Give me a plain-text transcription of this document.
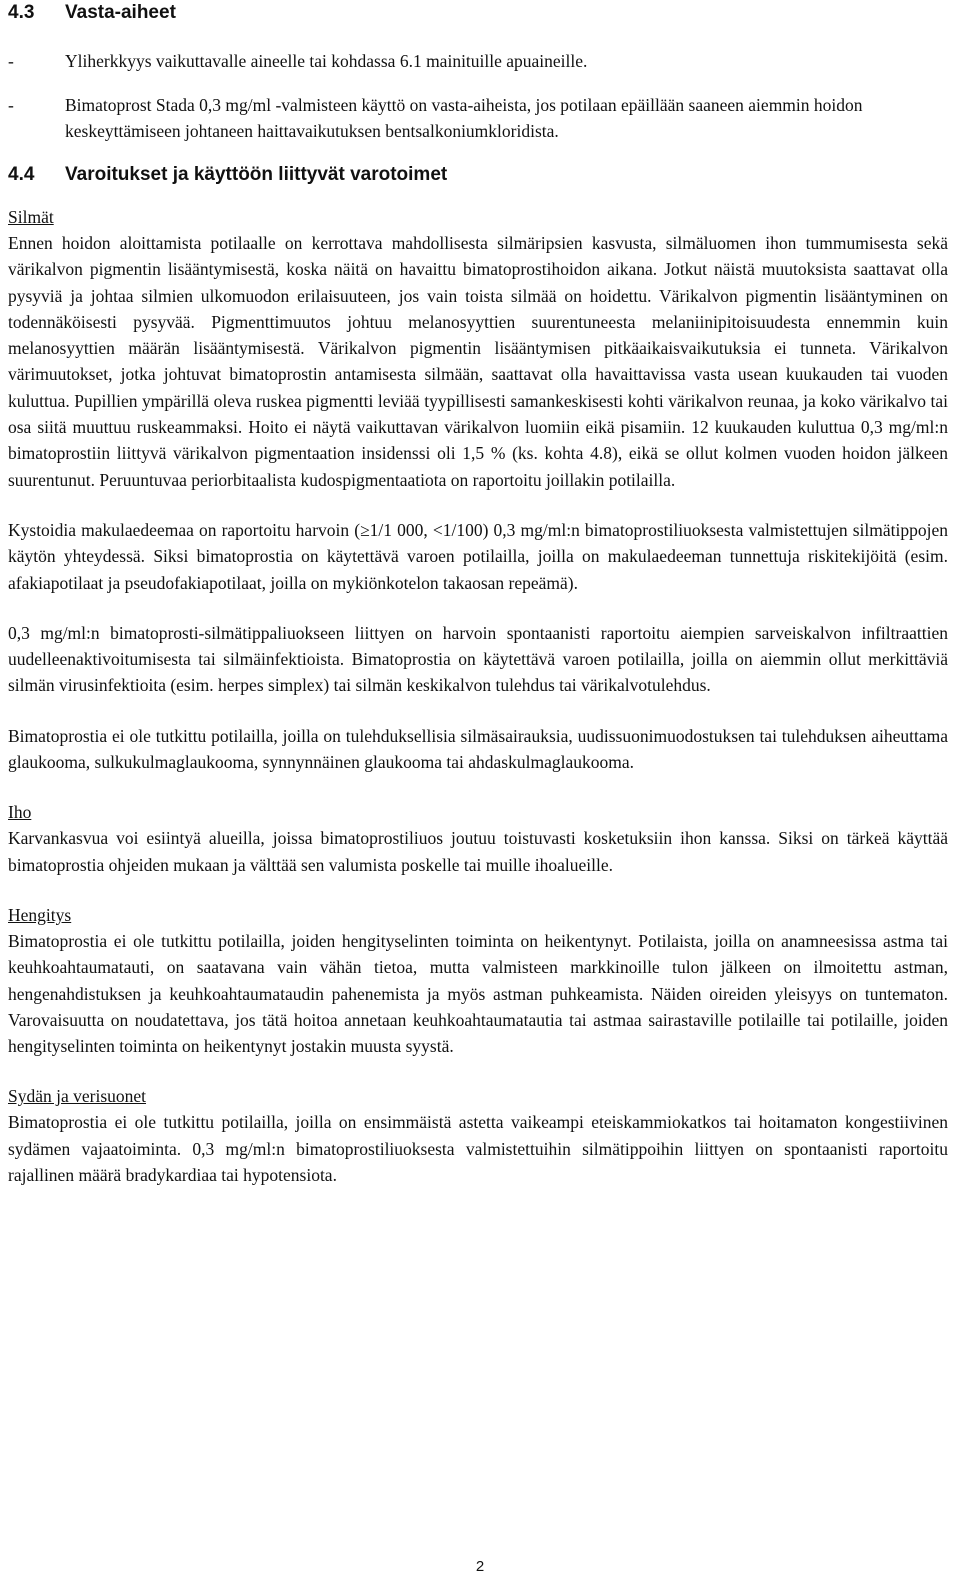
4.3 Vasta-aiheet
-	Yliherkkyys vaikuttavalle aineelle tai kohdassa 6.1 mainituille apuaineille.
-	Bimatoprost Stada 0,3 mg/ml -valmisteen käyttö on vasta-aiheista, jos potilaan epäillään saaneen aiemmin hoidon keskeyttämiseen johtaneen haittavaikutuksen bentsalkoniumkloridista.
4.4 Varoitukset ja käyttöön liittyvät varotoimet
Silmät

Ennen hoidon aloittamista potilaalle on kerrottava mahdollisesta silmäripsien kasvusta, silmäluomen ihon tummumisesta sekä värikalvon pigmentin lisääntymisestä, koska näitä on havaittu bimatoprostihoidon aikana. Jotkut näistä muutoksista saattavat olla pysyviä ja johtaa silmien ulkomuodon erilaisuuteen, jos vain toista silmää on hoidettu. Värikalvon pigmentin lisääntyminen on todennäköisesti pysyvää. Pigmenttimuutos johtuu melanosyyttien suurentuneesta melaniinipitoisuudesta ennemmin kuin melanosyyttien määrän lisääntymisestä. Värikalvon pigmentin lisääntymisen pitkäaikaisvaikutuksia ei tunneta. Värikalvon värimuutokset, jotka johtuvat bimatoprostin antamisesta silmään, saattavat olla havaittavissa vasta usean kuukauden tai vuoden kuluttua. Pupillien ympärillä oleva ruskea pigmentti leviää tyypillisesti samankeskisesti kohti värikalvon reunaa, ja koko värikalvo tai osa siitä muuttuu ruskeammaksi. Hoito ei näytä vaikuttavan värikalvon luomiin eikä pisamiin. 12 kuukauden kuluttua 0,3 mg/ml:n bimatoprostiin liittyvä värikalvon pigmentaation insidenssi oli 1,5 % (ks. kohta 4.8), eikä se ollut kolmen vuoden hoidon jälkeen suurentunut. Peruuntuvaa periorbitaalista kudospigmentaatiota on raportoitu joillakin potilailla.

Kystoidia makulaedeemaa on raportoitu harvoin (≥1/1 000, <1/100) 0,3 mg/ml:n bimatoprostiliuoksesta valmistettujen silmätippojen käytön yhteydessä. Siksi bimatoprostia on käytettävä varoen potilailla, joilla on makulaedeeman tunnettuja riskitekijöitä (esim. afakiapotilaat ja pseudofakiapotilaat, joilla on mykiönkotelon takaosan repeämä).

0,3 mg/ml:n bimatoprosti-silmätippaliuokseen liittyen on harvoin spontaanisti raportoitu aiempien sarveiskalvon infiltraattien uudelleenaktivoitumisesta tai silmäinfektioista. Bimatoprostia on käytettävä varoen potilailla, joilla on aiemmin ollut merkittäviä silmän virusinfektioita (esim. herpes simplex) tai silmän keskikalvon tulehdus tai värikalvotulehdus.

Bimatoprostia ei ole tutkittu potilailla, joilla on tulehduksellisia silmäsairauksia, uudissuonimuodostuksen tai tulehduksen aiheuttama glaukooma, sulkukulmaglaukooma, synnynnäinen glaukooma tai ahdaskulmaglaukooma.

Iho

Karvankasvua voi esiintyä alueilla, joissa bimatoprostiliuos joutuu toistuvasti kosketuksiin ihon kanssa. Siksi on tärkeä käyttää bimatoprostia ohjeiden mukaan ja välttää sen valumista poskelle tai muille ihoalueille.

Hengitys

Bimatoprostia ei ole tutkittu potilailla, joiden hengityselinten toiminta on heikentynyt. Potilaista, joilla on anamneesissa astma tai keuhkoahtaumatauti, on saatavana vain vähän tietoa, mutta valmisteen markkinoille tulon jälkeen on ilmoitettu astman, hengenahdistuksen ja keuhkoahtaumataudin pahenemista ja myös astman puhkeamista. Näiden oireiden yleisyys on tuntematon. Varovaisuutta on noudatettava, jos tätä hoitoa annetaan keuhkoahtaumatautia tai astmaa sairastaville potilaille tai potilaille, joiden hengityselinten toiminta on heikentynyt jostakin muusta syystä.

Sydän ja verisuonet

Bimatoprostia ei ole tutkittu potilailla, joilla on ensimmäistä astetta vaikeampi eteiskammiokatkos tai hoitamaton kongestiivinen sydämen vajaatoiminta. 0,3 mg/ml:n bimatoprostiliuoksesta valmistettuihin silmätippoihin liittyen on spontaanisti raportoitu rajallinen määrä bradykardiaa tai hypotensiota.

2
